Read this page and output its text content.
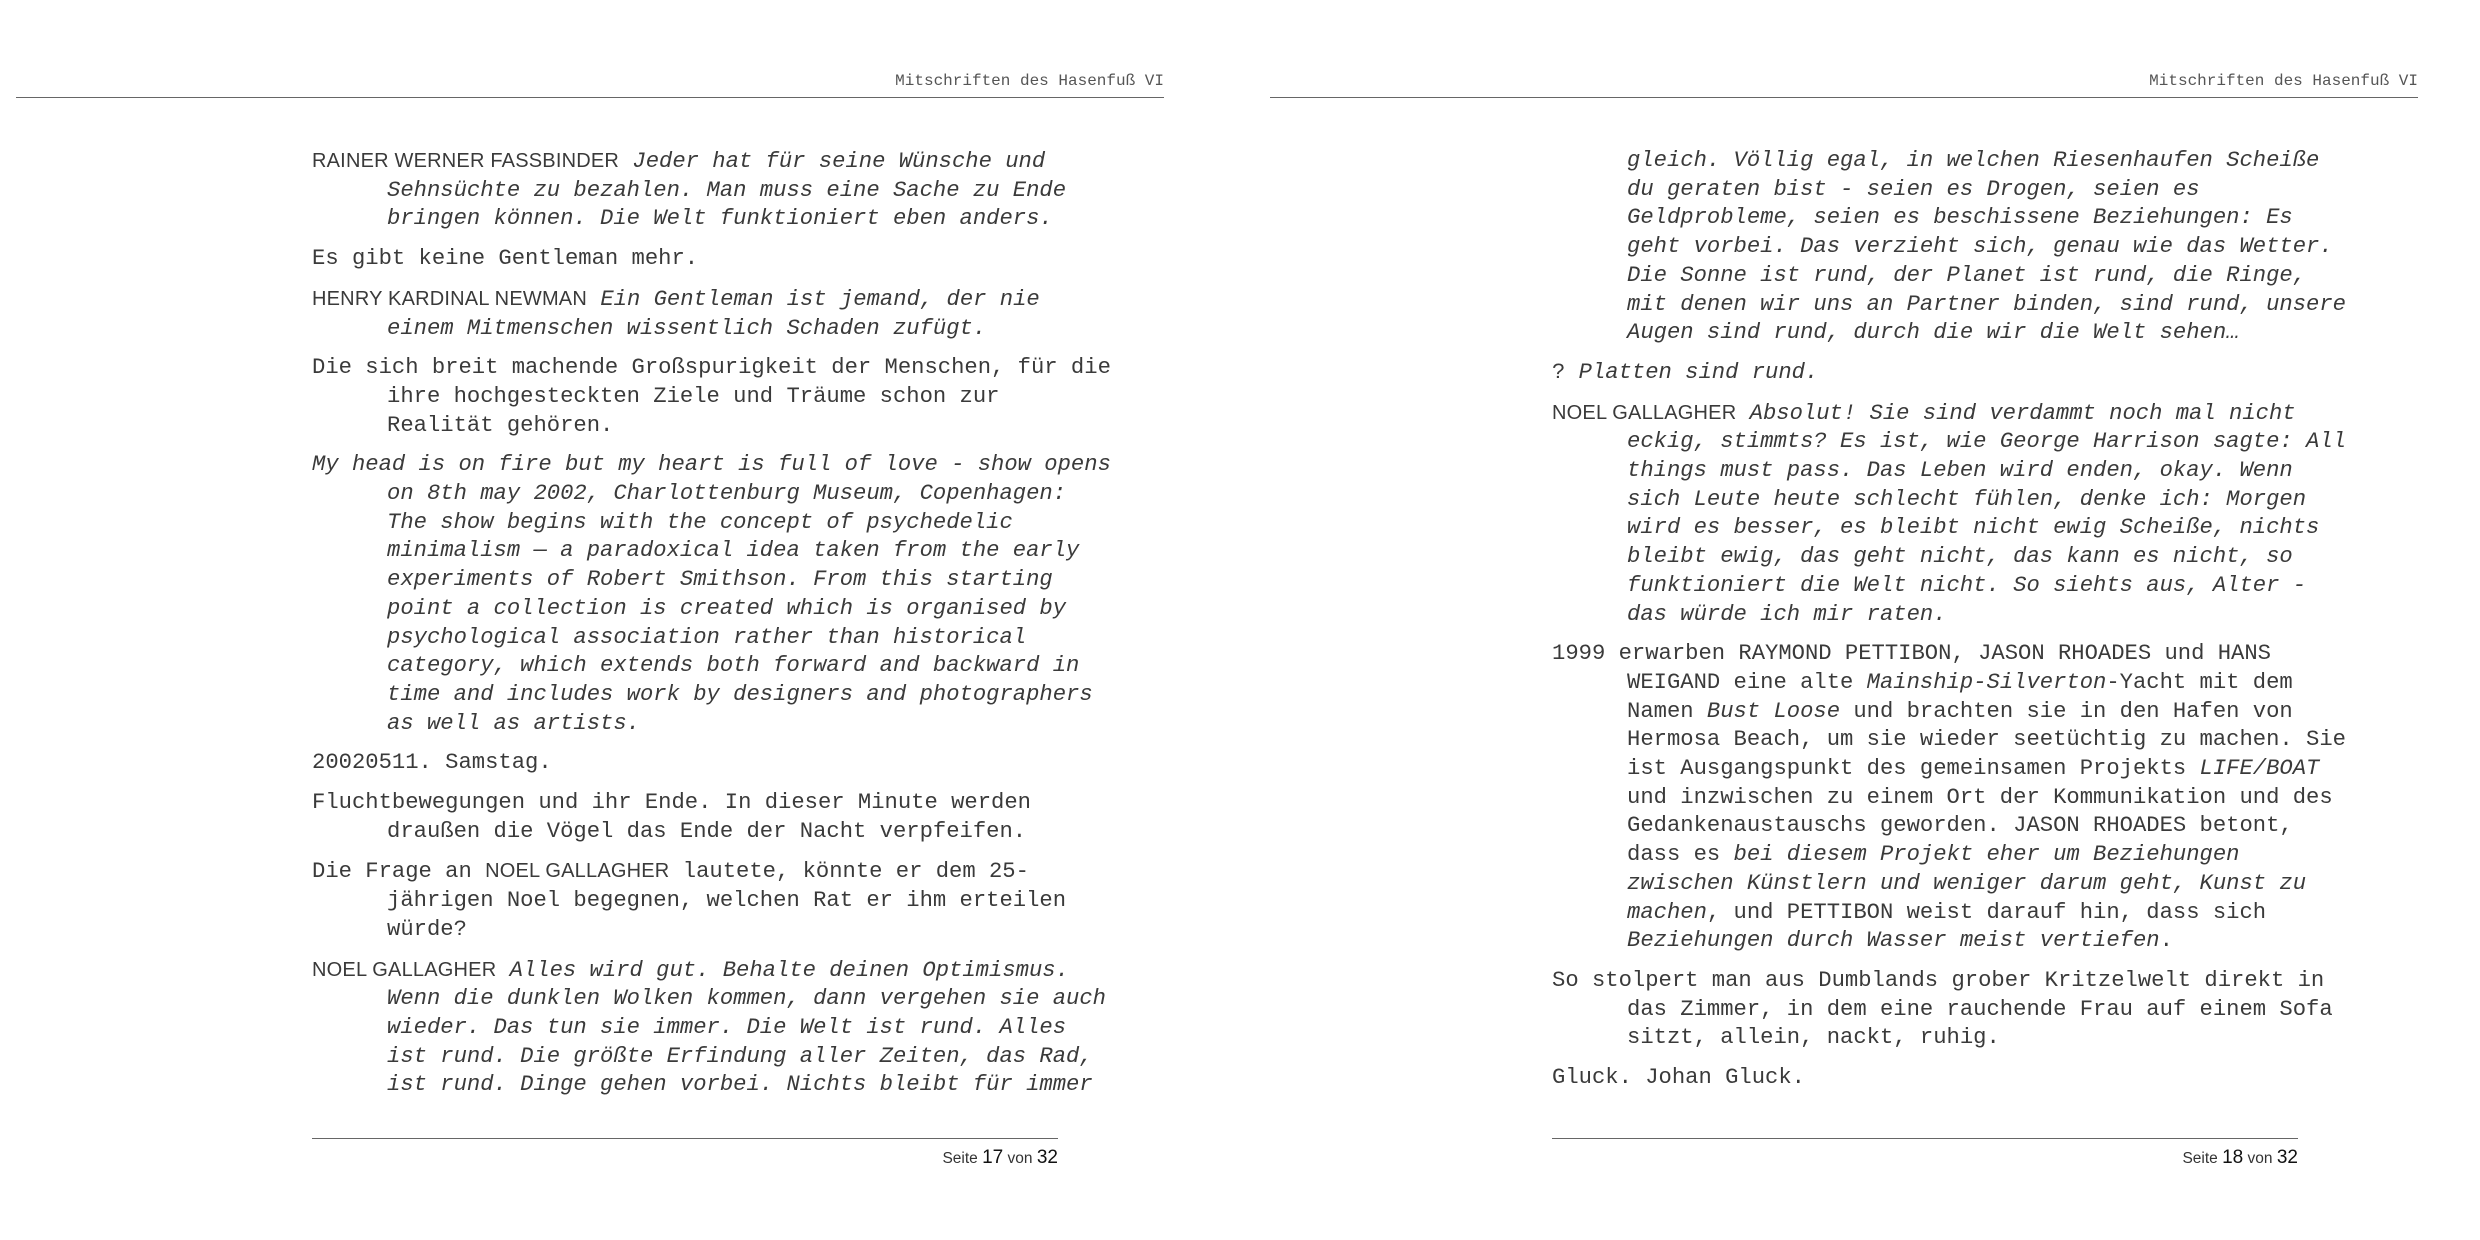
Mitschriften des Hasenfuß VI

RAINER WERNER FASSBINDER Jeder hat für seine Wünsche und Sehnsüchte zu bezahlen. Man muss eine Sache zu Ende bringen können. Die Welt funktioniert eben anders.

Es gibt keine Gentleman mehr.

HENRY KARDINAL NEWMAN Ein Gentleman ist jemand, der nie einem Mitmenschen wissentlich Schaden zufügt.

Die sich breit machende Großspurigkeit der Menschen, für die ihre hochgesteckten Ziele und Träume schon zur Realität gehören.

My head is on fire but my heart is full of love - show opens on 8th may 2002, Charlottenburg Museum, Copenhagen: The show begins with the concept of psychedelic minimalism — a paradoxical idea taken from the early experiments of Robert Smithson. From this starting point a collection is created which is organised by psychological association rather than historical category, which extends both forward and backward in time and includes work by designers and photographers as well as artists.

20020511. Samstag.

Fluchtbewegungen und ihr Ende. In dieser Minute werden draußen die Vögel das Ende der Nacht verpfeifen.

Die Frage an NOEL GALLAGHER lautete, könnte er dem 25-jährigen Noel begegnen, welchen Rat er ihm erteilen würde?

NOEL GALLAGHER Alles wird gut. Behalte deinen Optimismus. Wenn die dunklen Wolken kommen, dann vergehen sie auch wieder. Das tun sie immer. Die Welt ist rund. Alles ist rund. Die größte Erfindung aller Zeiten, das Rad, ist rund. Dinge gehen vorbei. Nichts bleibt für immer

Seite 17 von 32
Mitschriften des Hasenfuß VI

gleich. Völlig egal, in welchen Riesenhaufen Scheiße du geraten bist - seien es Drogen, seien es Geldprobleme, seien es beschissene Beziehungen: Es geht vorbei. Das verzieht sich, genau wie das Wetter. Die Sonne ist rund, der Planet ist rund, die Ringe, mit denen wir uns an Partner binden, sind rund, unsere Augen sind rund, durch die wir die Welt sehen…

? Platten sind rund.

NOEL GALLAGHER Absolut! Sie sind verdammt noch mal nicht eckig, stimmts? Es ist, wie George Harrison sagte: All things must pass. Das Leben wird enden, okay. Wenn sich Leute heute schlecht fühlen, denke ich: Morgen wird es besser, es bleibt nicht ewig Scheiße, nichts bleibt ewig, das geht nicht, das kann es nicht, so funktioniert die Welt nicht. So siehts aus, Alter - das würde ich mir raten.

1999 erwarben RAYMOND PETTIBON, JASON RHOADES und HANS WEIGAND eine alte Mainship-Silverton-Yacht mit dem Namen Bust Loose und brachten sie in den Hafen von Hermosa Beach, um sie wieder seetüchtig zu machen. Sie ist Ausgangspunkt des gemeinsamen Projekts LIFE/BOAT und inzwischen zu einem Ort der Kommunikation und des Gedankenaustauschs geworden. JASON RHOADES betont, dass es bei diesem Projekt eher um Beziehungen zwischen Künstlern und weniger darum geht, Kunst zu machen, und PETTIBON weist darauf hin, dass sich Beziehungen durch Wasser meist vertiefen.

So stolpert man aus Dumblands grober Kritzelwelt direkt in das Zimmer, in dem eine rauchende Frau auf einem Sofa sitzt, allein, nackt, ruhig.

Gluck. Johan Gluck.

Seite 18 von 32
